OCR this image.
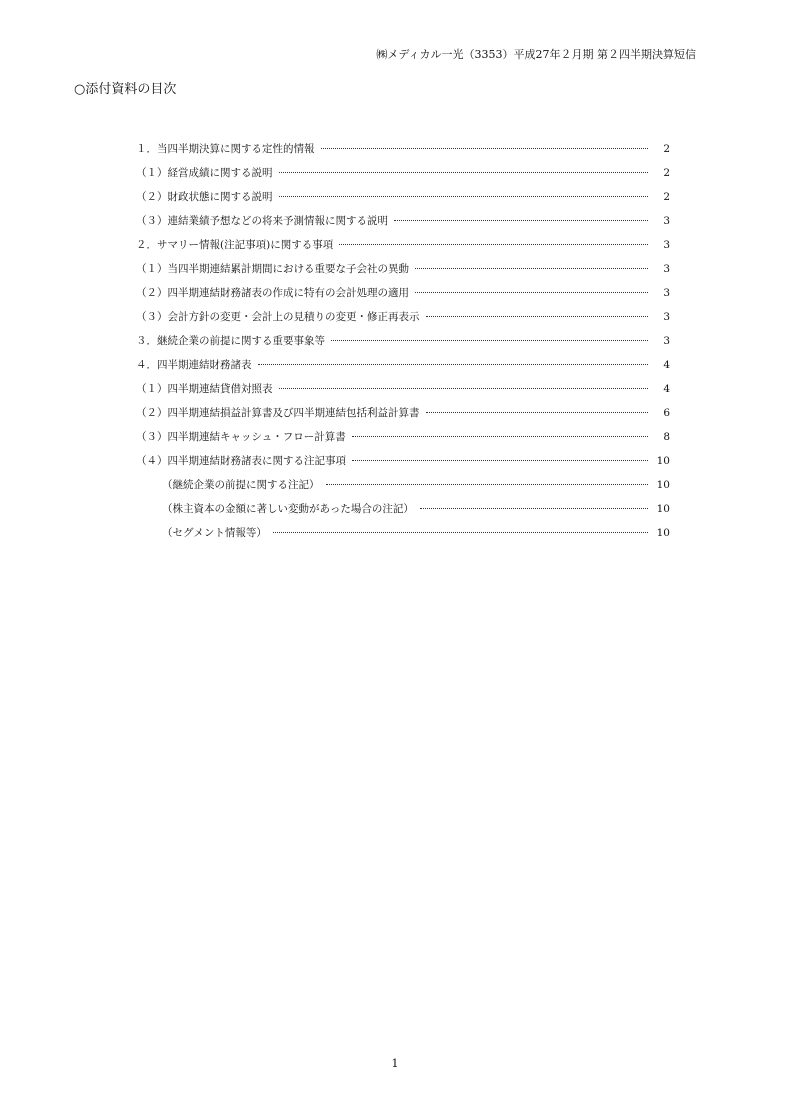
㈱メディカル一光（3353）平成27年２月期 第２四半期決算短信
○添付資料の目次
１．当四半期決算に関する定性的情報	2
（１）経営成績に関する説明	2
（２）財政状態に関する説明	2
（３）連結業績予想などの将来予測情報に関する説明	3
２．サマリー情報(注記事項)に関する事項	3
（１）当四半期連結累計期間における重要な子会社の異動	3
（２）四半期連結財務諸表の作成に特有の会計処理の適用	3
（３）会計方針の変更・会計上の見積りの変更・修正再表示	3
３．継続企業の前提に関する重要事象等	3
４．四半期連結財務諸表	4
（１）四半期連結貸借対照表	4
（２）四半期連結損益計算書及び四半期連結包括利益計算書	6
（３）四半期連結キャッシュ・フロー計算書	8
（４）四半期連結財務諸表に関する注記事項	10
（継続企業の前提に関する注記）	10
（株主資本の金額に著しい変動があった場合の注記）	10
（セグメント情報等）	10
1
